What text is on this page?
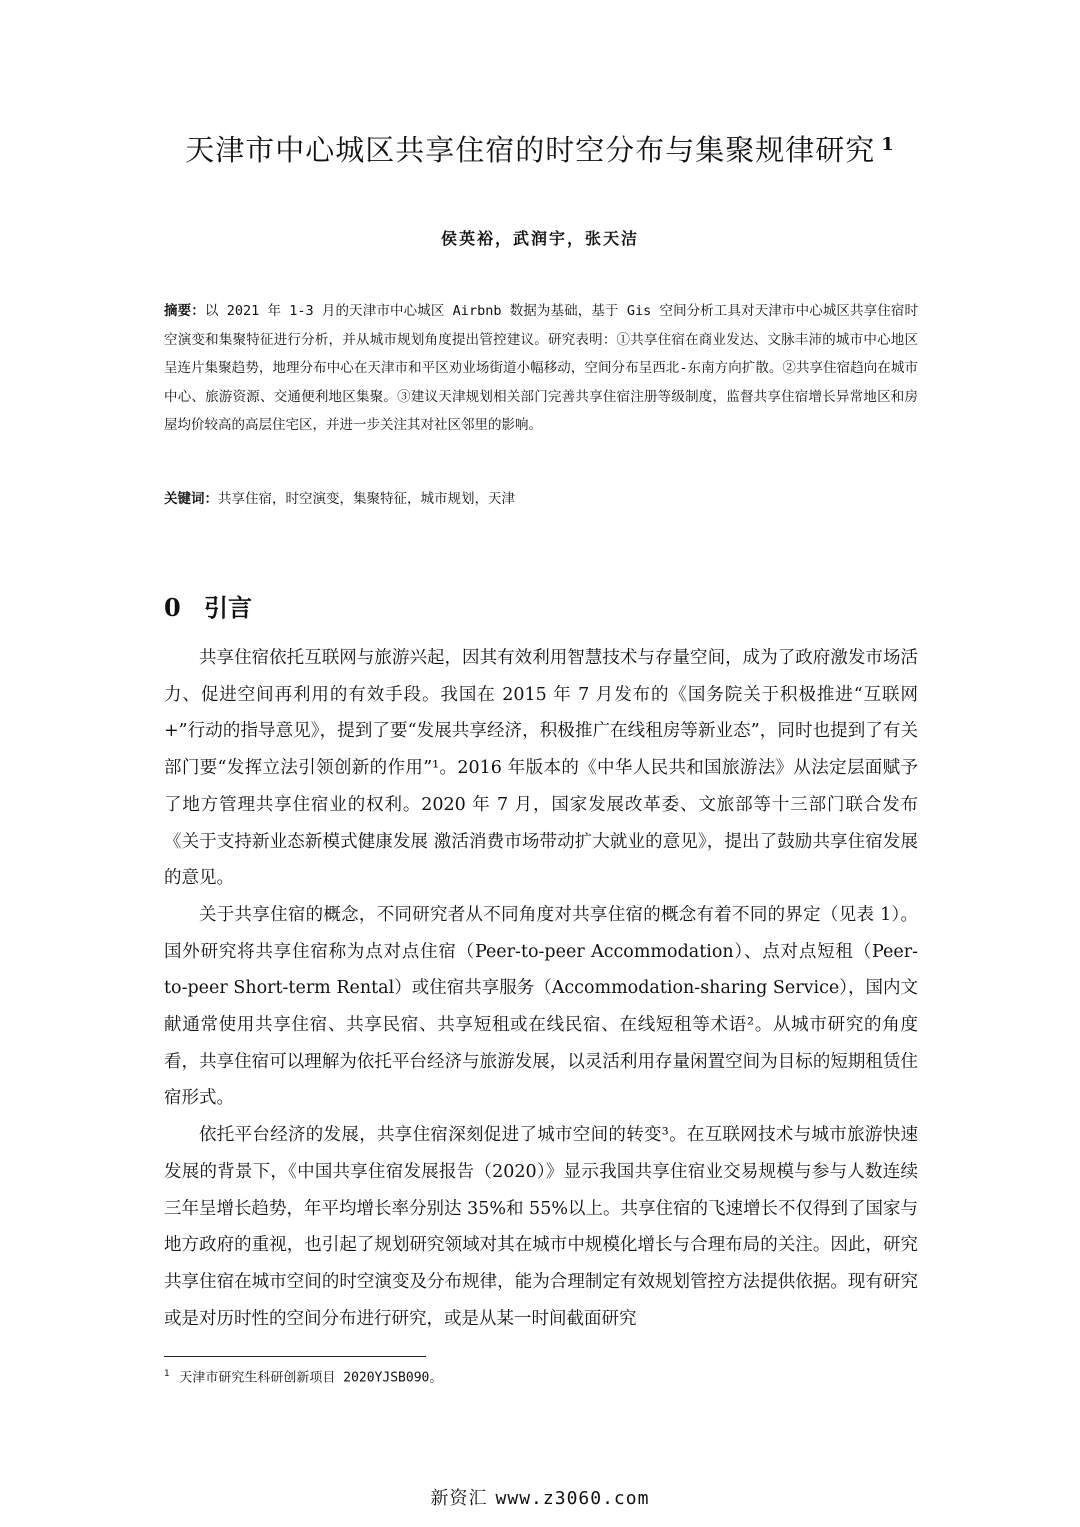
天津市中心城区共享住宿的时空分布与集聚规律研究 $^1$
侯英裕，武润宇，张天洁
摘要：以 2021 年 1-3 月的天津市中心城区 Airbnb 数据为基础，基于 Gis 空间分析工具对天津市中心城区共享住宿时空演变和集聚特征进行分析，并从城市规划角度提出管控建议。研究表明：①共享住宿在商业发达、文脉丰沛的城市中心地区呈连片集聚趋势，地理分布中心在天津市和平区劝业场街道小幅移动，空间分布呈西北-东南方向扩散。②共享住宿趋向在城市中心、旅游资源、交通便利地区集聚。③建议天津规划相关部门完善共享住宿注册等级制度，监督共享住宿增长异常地区和房屋均价较高的高层住宅区，并进一步关注其对社区邻里的影响。
关键词：共享住宿，时空演变，集聚特征，城市规划，天津
0 引言

共享住宿依托互联网与旅游兴起，因其有效利用智慧技术与存量空间，成为了政府激发市场活力、促进空间再利用的有效手段。我国在 2015 年 7 月发布的《国务院关于积极推进“互联网+”行动的指导意见》，提到了要“发展共享经济，积极推广在线租房等新业态”，同时也提到了有关部门要“发挥立法引领创新的作用”¹。2016 年版本的《中华人民共和国旅游法》从法定层面赋予了地方管理共享住宿业的权利。2020 年 7 月，国家发展改革委、文旅部等十三部门联合发布《关于支持新业态新模式健康发展 激活消费市场带动扩大就业的意见》，提出了鼓励共享住宿发展的意见。

关于共享住宿的概念，不同研究者从不同角度对共享住宿的概念有着不同的界定（见表 1）。国外研究将共享住宿称为点对点住宿（Peer-to-peer Accommodation）、点对点短租（Peer-to-peer Short-term Rental）或住宿共享服务（Accommodation-sharing Service），国内文献通常使用共享住宿、共享民宿、共享短租或在线民宿、在线短租等术语²。从城市研究的角度看，共享住宿可以理解为依托平台经济与旅游发展，以灵活利用存量闲置空间为目标的短期租赁住宿形式。

依托平台经济的发展，共享住宿深刻促进了城市空间的转变³。在互联网技术与城市旅游快速发展的背景下，《中国共享住宿发展报告（2020）》显示我国共享住宿业交易规模与参与人数连续三年呈增长趋势，年平均增长率分别达 35%和 55%以上。共享住宿的飞速增长不仅得到了国家与地方政府的重视，也引起了规划研究领域对其在城市中规模化增长与合理布局的关注。因此，研究共享住宿在城市空间的时空演变及分布规律，能为合理制定有效规划管控方法提供依据。现有研究或是对历时性的空间分布进行研究，或是从某一时间截面研究

$^1$ 天津市研究生科研创新项目 2020YJSB090。
新资汇 www.z3060.com
